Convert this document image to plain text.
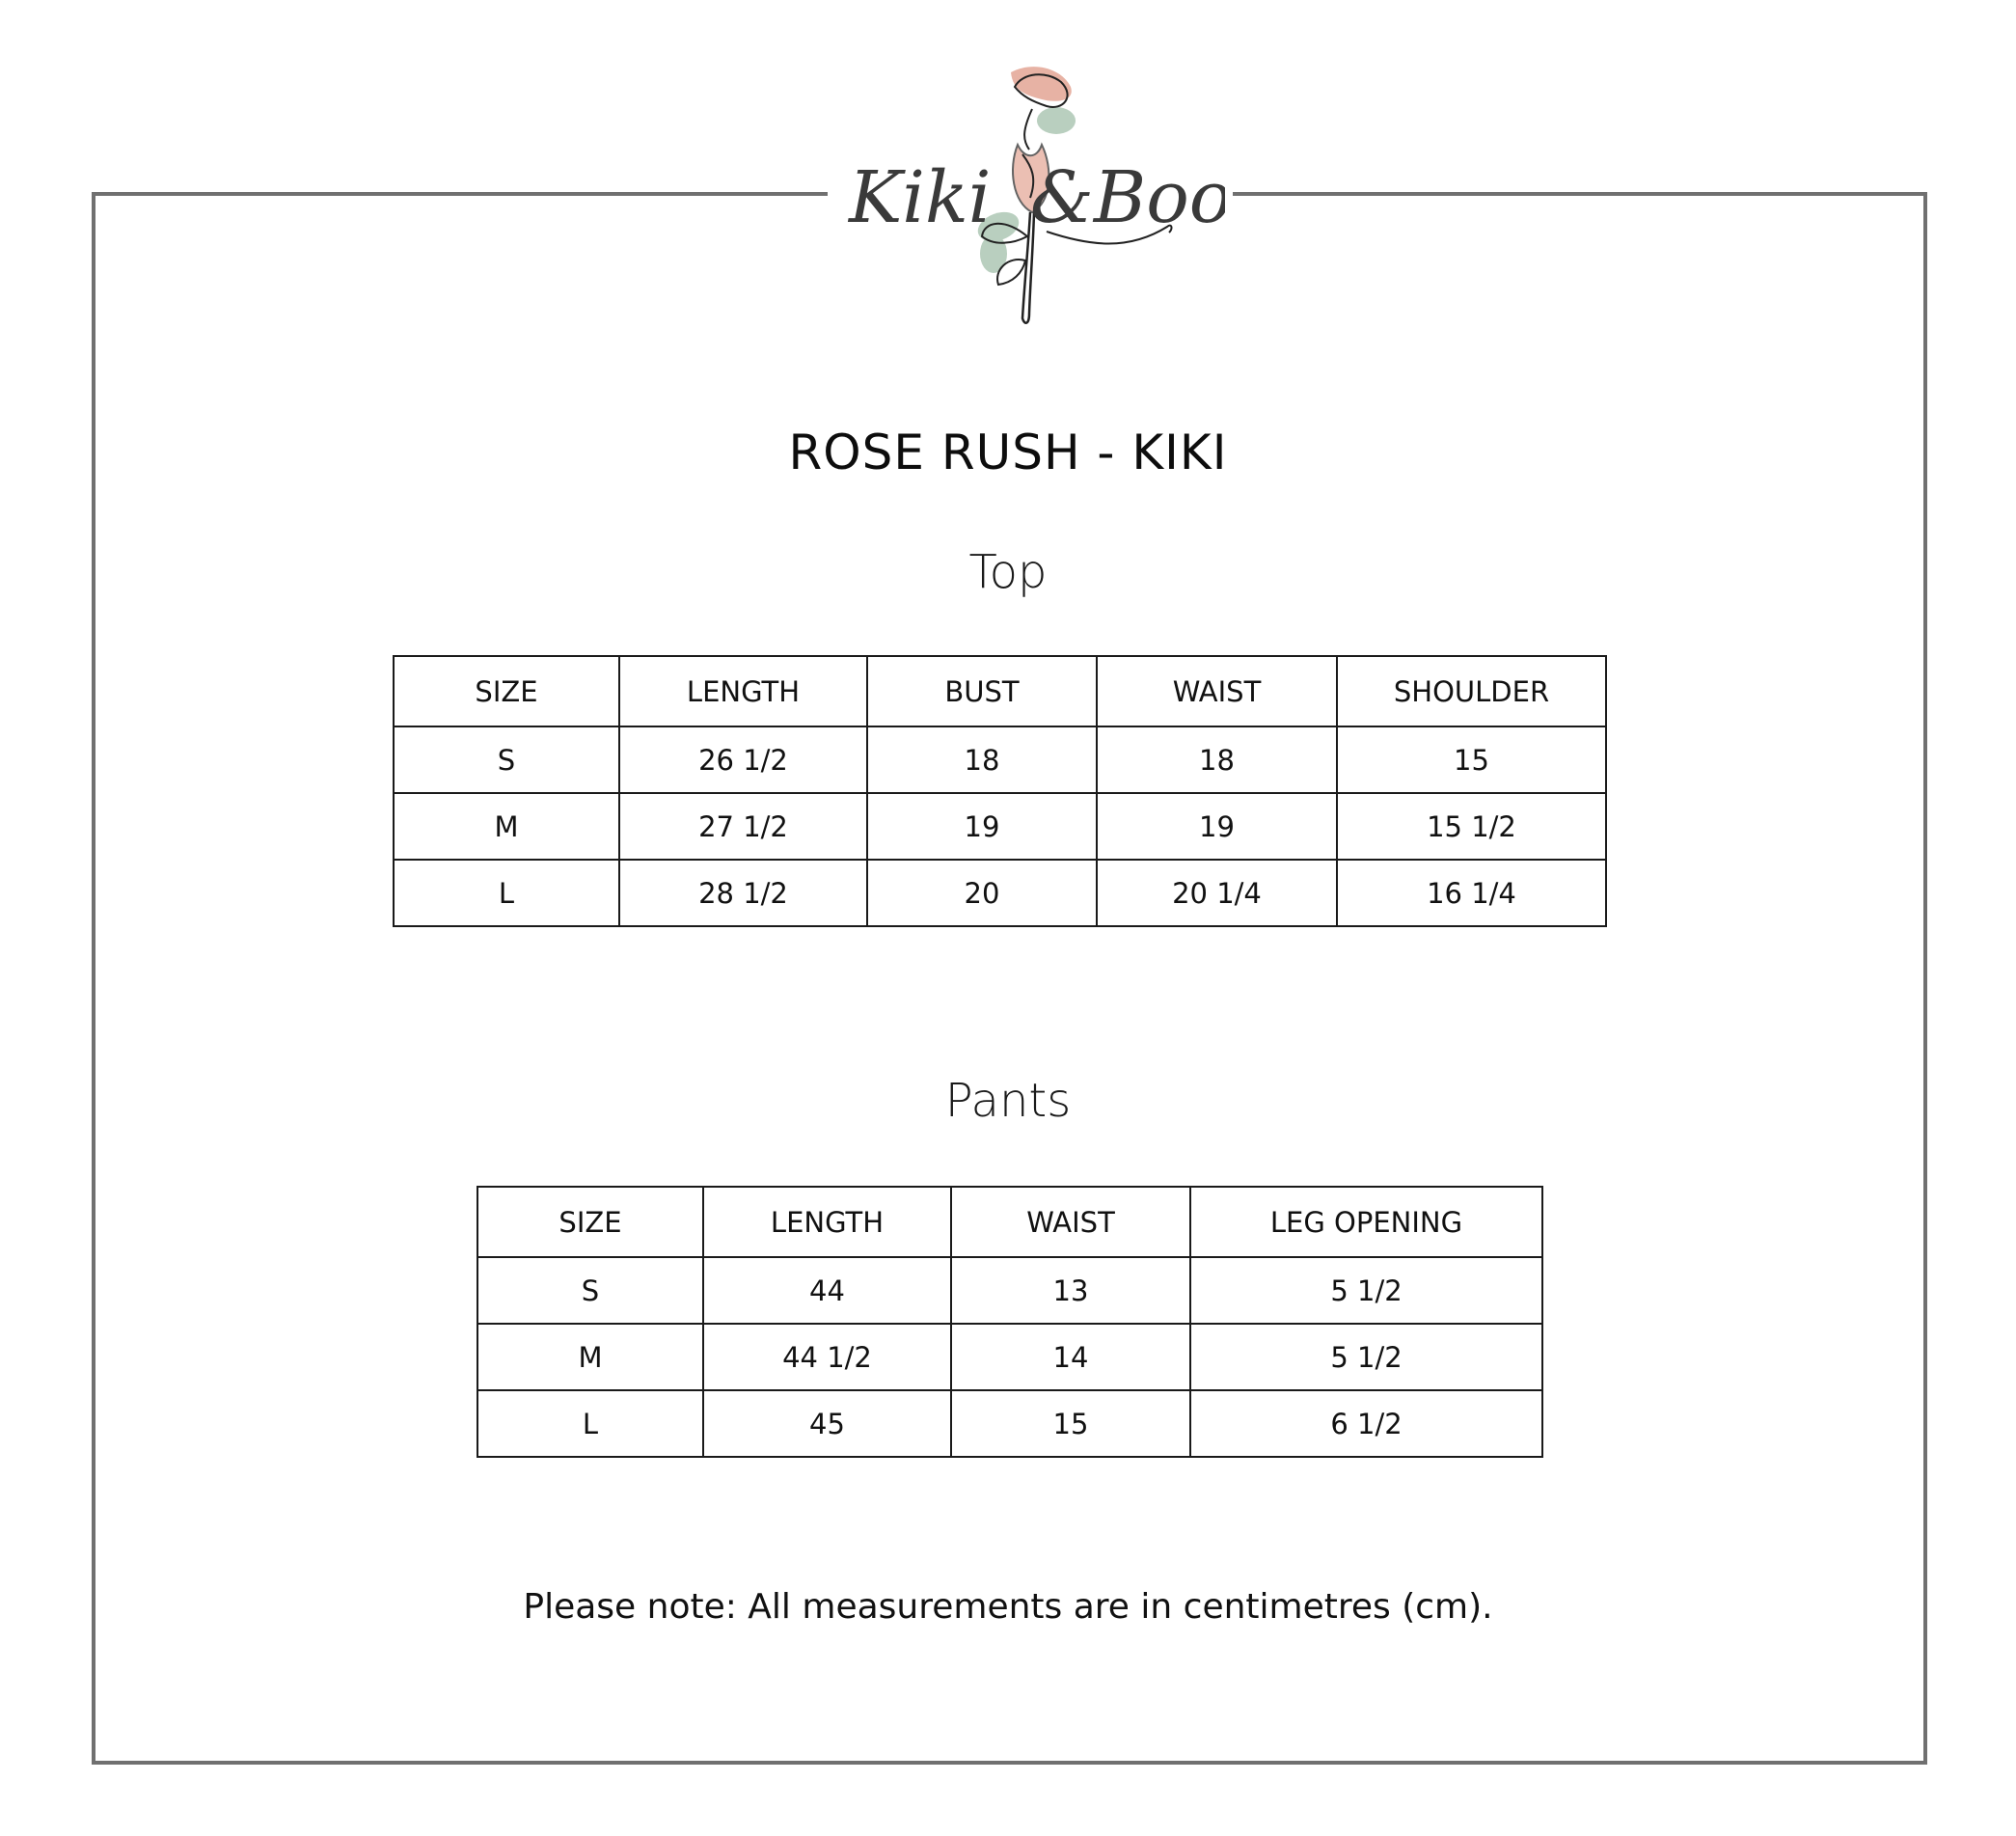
Kiki &Boo
ROSE RUSH - KIKI
Top
SIZE	LENGTH	BUST	WAIST	SHOULDER
S	26 1/2	18	18	15
M	27 1/2	19	19	15 1/2
L	28 1/2	20	20 1/4	16 1/4
Pants
SIZE	LENGTH	WAIST	LEG OPENING
S	44	13	5 1/2
M	44 1/2	14	5 1/2
L	45	15	6 1/2
Please note: All measurements are in centimetres (cm).
